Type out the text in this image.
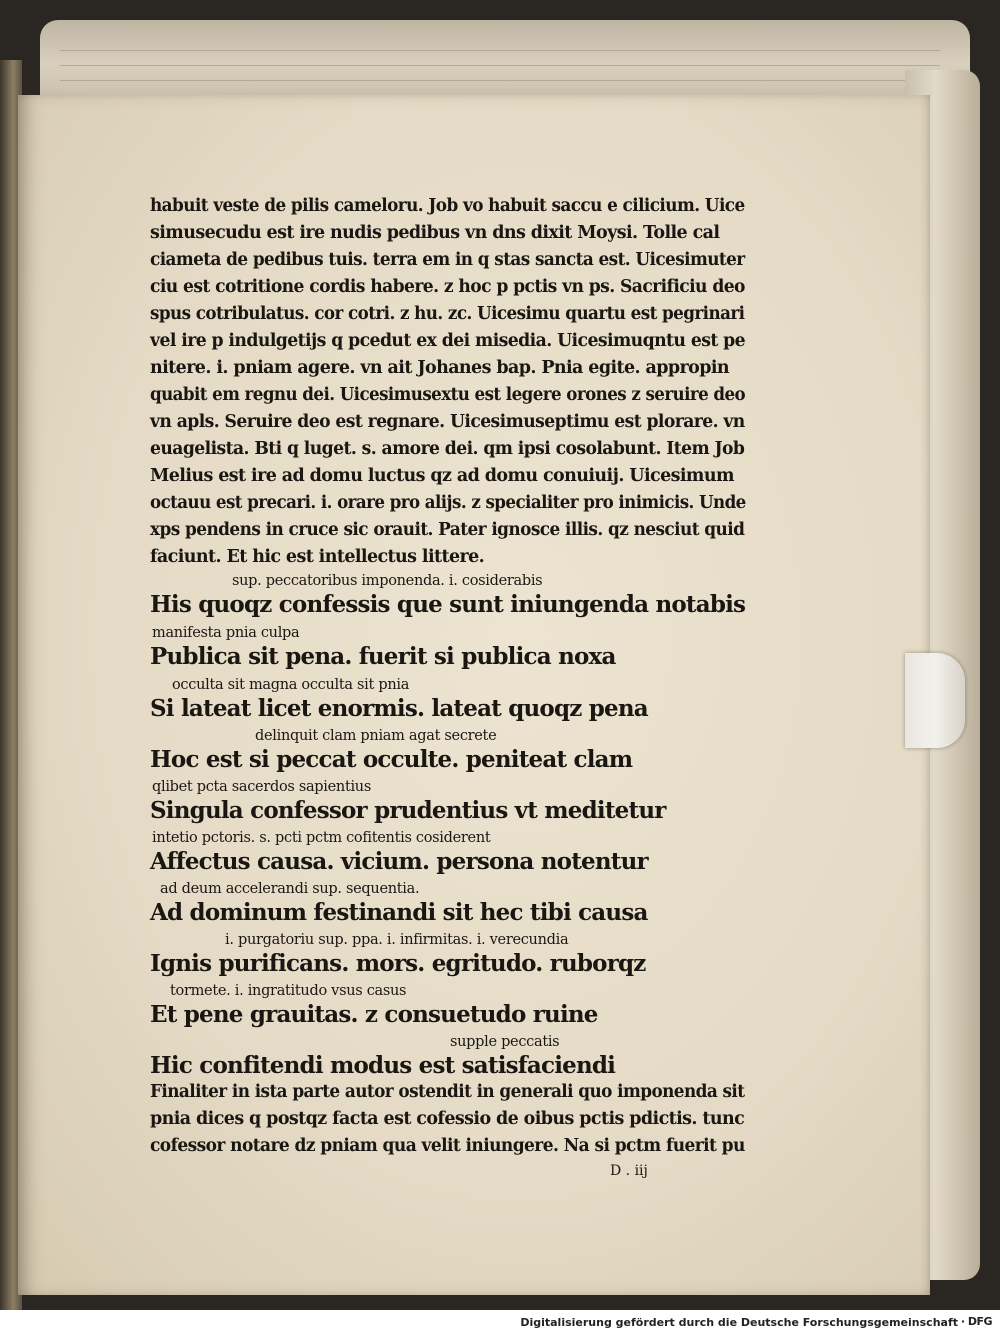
habuit veste de pilis cameloru. Job vo habuit saccu e cilicium. Uice
simusecudu est ire nudis pedibus vn dns dixit Moysi. Tolle cal
ciameta de pedibus tuis. terra em in q stas sancta est. Uicesimuter
ciu est cotritione cordis habere. z hoc p pctis vn ps. Sacrificiu deo
spus cotribulatus. cor cotri. z hu. zc. Uicesimu quartu est pegrinari
vel ire p indulgetijs q pcedut ex dei misedia. Uicesimuqntu est pe
nitere. i. pniam agere. vn ait Johanes bap. Pnia egite. appropin
quabit em regnu dei. Uicesimusextu est legere orones z seruire deo
vn apls. Seruire deo est regnare. Uicesimuseptimu est plorare. vn
euagelista. Bti q luget. s. amore dei. qm ipsi cosolabunt. Item Job
Melius est ire ad domu luctus qz ad domu conuiuij. Uicesimum
octauu est precari. i. orare pro alijs. z specialiter pro inimicis. Unde
xps pendens in cruce sic orauit. Pater ignosce illis. qz nesciut quid
faciunt. Et hic est intellectus littere.
sup. peccatoribus imponenda. i. cosiderabis
His quoqz confessis que sunt iniungenda notabis
manifesta pnia culpa
Publica sit pena. fuerit si publica noxa
occulta sit magna occulta sit pnia
Si lateat licet enormis. lateat quoqz pena
delinquit clam pniam agat secrete
Hoc est si peccat occulte. peniteat clam
qlibet pcta sacerdos sapientius
Singula confessor prudentius vt meditetur
intetio pctoris. s. pcti pctm cofitentis cosiderent
Affectus causa. vicium. persona notentur
ad deum accelerandi sup. sequentia.
Ad dominum festinandi sit hec tibi causa
i. purgatoriu sup. ppa. i. infirmitas. i. verecundia
Ignis purificans. mors. egritudo. ruborqz
tormete. i. ingratitudo vsus casus
Et pene grauitas. z consuetudo ruine
supple peccatis
Hic confitendi modus est satisfaciendi
Finaliter in ista parte autor ostendit in generali quo imponenda sit
pnia dices q postqz facta est cofessio de oibus pctis pdictis. tunc
cofessor notare dz pniam qua velit iniungere. Na si pctm fuerit pu
D . iij
Digitalisierung gefördert durch die Deutsche Forschungsgemeinschaft · DFG
